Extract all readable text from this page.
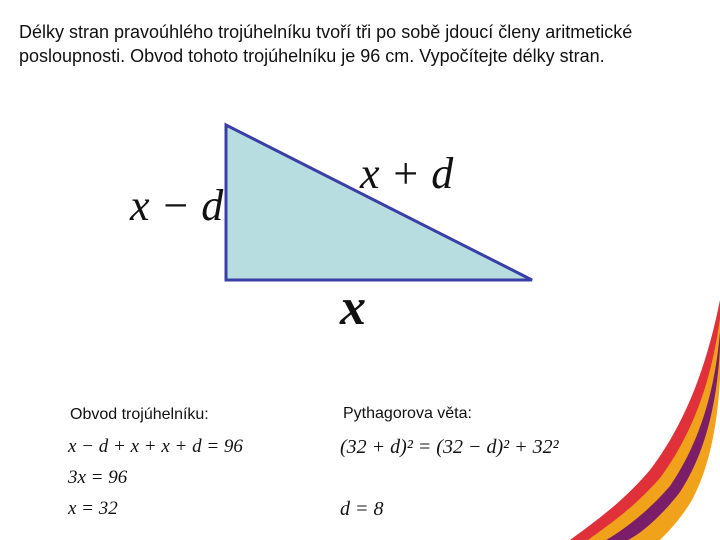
Délky stran pravoúhlého trojúhelníku tvoří tři po sobě jdoucí členy aritmetické posloupnosti. Obvod tohoto trojúhelníku je 96 cm. Vypočítejte délky stran.
x − d
x + d
x
Obvod trojúhelníku:
x − d + x + x + d = 96
3x = 96
x = 32
Pythagorova věta:
(32 + d)² = (32 − d)² + 32²
d = 8
